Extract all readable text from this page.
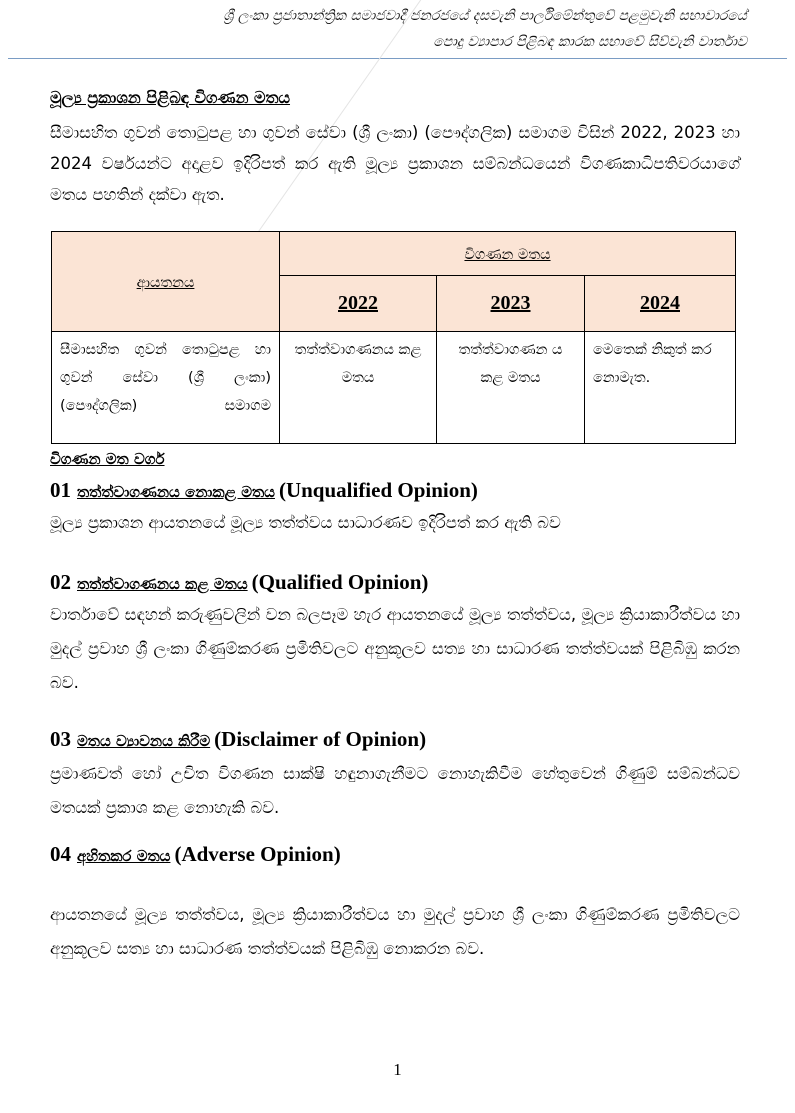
ශ්‍රී ලංකා ප්‍රජාතාන්ත්‍රික සමාජවාදී ජනරජයේ දසවැනි පාර්ලිමේන්තුවේ පළමුවැනි සභාවාරයේ
පොදු ව්‍යාපාර පිළිබඳ කාරක සභාවේ සිව්වැනි වාර්තාව
මූල්‍ය ප්‍රකාශන පිළිබඳ විගණන මතය

සීමාසහිත ගුවන් තොටුපළ හා ගුවන් සේවා (ශ්‍රී ලංකා) (පෞද්ගලික) සමාගම විසින් 2022, 2023 හා 2024 වර්ෂයන්ට අදාළව ඉදිරිපත් කර ඇති මූල්‍ය ප්‍රකාශන සම්බන්ධයෙන් විගණකාධිපතිවරයාගේ මතය පහතින් දක්වා ඇත.

ආයතනය	විගණන මතය		
	2022	2023	2024
සීමාසහිත ගුවන් තොටුපළ හා ගුවන් සේවා (ශ්‍රී ලංකා) (පෞද්ගලික) සමාගම	තත්ත්වාගණනය කළ මතය	තත්ත්වාගණන ය කළ මතය	මෙතෙක් නිකුත් කර නොමැත.
විගණන මත වර්ග
01 තත්ත්වාගණනය නොකළ මතය (Unqualified Opinion)

මූල්‍ය ප්‍රකාශන ආයතනයේ මූල්‍ය තත්ත්වය සාධාරණව ඉදිරිපත් කර ඇති බව

02 තත්ත්වාගණනය කළ මතය (Qualified Opinion)

වාර්තාවේ සඳහන් කරුණුවලින් වන බලපෑම හැර ආයතනයේ මූල්‍ය තත්ත්වය, මූල්‍ය ක්‍රියාකාරීත්වය හා මුදල් ප්‍රවාහ ශ්‍රී ලංකා ගිණුම්කරණ ප්‍රමිතිවලට අනුකූලව සත්‍ය හා සාධාරණ තත්ත්වයක් පිළිබිඹු කරන බව.

03 මතය ව්‍යාවනය කිරීම (Disclaimer of Opinion)

ප්‍රමාණවත් හෝ උචිත විගණන සාක්ෂි හඳුනාගැනීමට නොහැකිවීම හේතුවෙන් ගිණුම් සම්බන්ධව මතයක් ප්‍රකාශ කළ නොහැකි බව.

04 අහිතකර මතය (Adverse Opinion)

ආයතනයේ මූල්‍ය තත්ත්වය, මූල්‍ය ක්‍රියාකාරීත්වය හා මුදල් ප්‍රවාහ ශ්‍රී ලංකා ගිණුම්කරණ ප්‍රමිතිවලට අනුකූලව සත්‍ය හා සාධාරණ තත්ත්වයක් පිළිබිඹු නොකරන බව.

1
